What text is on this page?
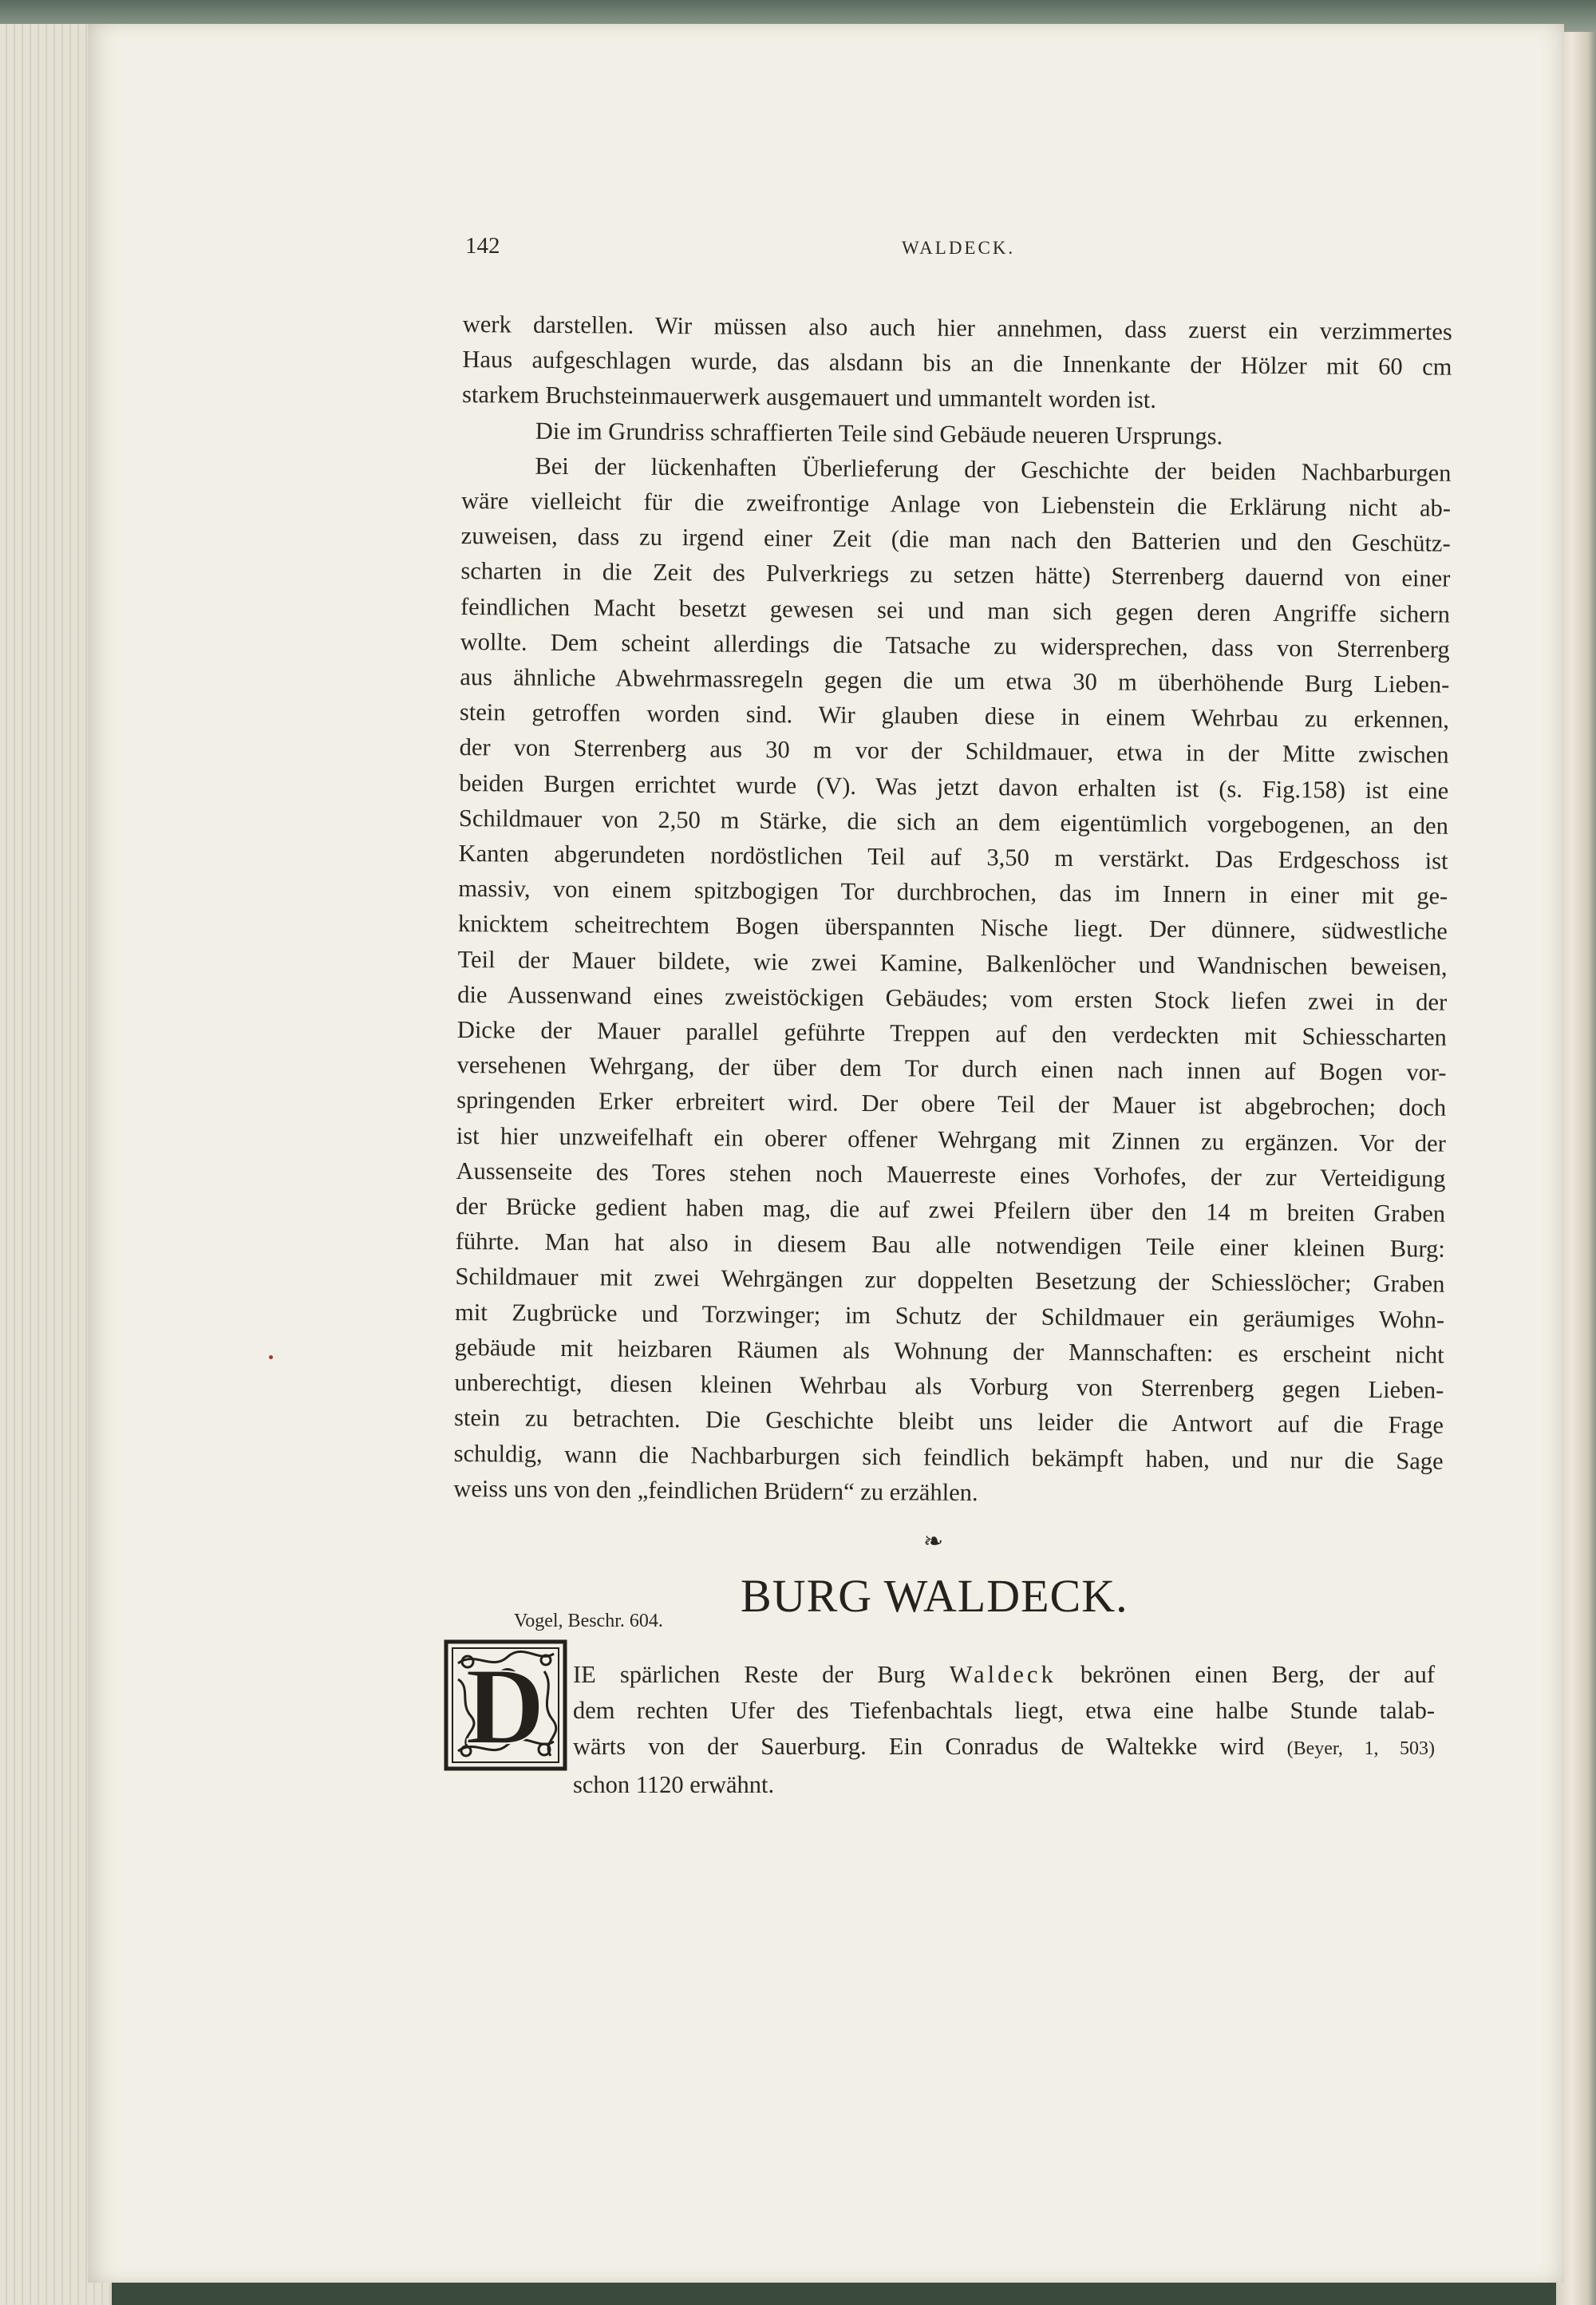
142	WALDECK.
werk darstellen. Wir müssen also auch hier annehmen, dass zuerst ein verzimmertes
Haus aufgeschlagen wurde, das alsdann bis an die Innenkante der Hölzer mit 60 cm
starkem Bruchsteinmauerwerk ausgemauert und ummantelt worden ist.
Die im Grundriss schraffierten Teile sind Gebäude neueren Ursprungs.
Bei der lückenhaften Überlieferung der Geschichte der beiden Nachbarburgen
wäre vielleicht für die zweifrontige Anlage von Liebenstein die Erklärung nicht ab-
zuweisen, dass zu irgend einer Zeit (die man nach den Batterien und den Geschütz-
scharten in die Zeit des Pulverkriegs zu setzen hätte) Sterrenberg dauernd von einer
feindlichen Macht besetzt gewesen sei und man sich gegen deren Angriffe sichern
wollte. Dem scheint allerdings die Tatsache zu widersprechen, dass von Sterrenberg
aus ähnliche Abwehrmassregeln gegen die um etwa 30 m überhöhende Burg Lieben-
stein getroffen worden sind. Wir glauben diese in einem Wehrbau zu erkennen,
der von Sterrenberg aus 30 m vor der Schildmauer, etwa in der Mitte zwischen
beiden Burgen errichtet wurde (V). Was jetzt davon erhalten ist (s. Fig.158) ist eine
Schildmauer von 2,50 m Stärke, die sich an dem eigentümlich vorgebogenen, an den
Kanten abgerundeten nordöstlichen Teil auf 3,50 m verstärkt. Das Erdgeschoss ist
massiv, von einem spitzbogigen Tor durchbrochen, das im Innern in einer mit ge-
knicktem scheitrechtem Bogen überspannten Nische liegt. Der dünnere, südwestliche
Teil der Mauer bildete, wie zwei Kamine, Balkenlöcher und Wandnischen beweisen,
die Aussenwand eines zweistöckigen Gebäudes; vom ersten Stock liefen zwei in der
Dicke der Mauer parallel geführte Treppen auf den verdeckten mit Schiesscharten
versehenen Wehrgang, der über dem Tor durch einen nach innen auf Bogen vor-
springenden Erker erbreitert wird. Der obere Teil der Mauer ist abgebrochen; doch
ist hier unzweifelhaft ein oberer offener Wehrgang mit Zinnen zu ergänzen. Vor der
Aussenseite des Tores stehen noch Mauerreste eines Vorhofes, der zur Verteidigung
der Brücke gedient haben mag, die auf zwei Pfeilern über den 14 m breiten Graben
führte. Man hat also in diesem Bau alle notwendigen Teile einer kleinen Burg:
Schildmauer mit zwei Wehrgängen zur doppelten Besetzung der Schiesslöcher; Graben
mit Zugbrücke und Torzwinger; im Schutz der Schildmauer ein geräumiges Wohn-
gebäude mit heizbaren Räumen als Wohnung der Mannschaften: es erscheint nicht
unberechtigt, diesen kleinen Wehrbau als Vorburg von Sterrenberg gegen Lieben-
stein zu betrachten. Die Geschichte bleibt uns leider die Antwort auf die Frage
schuldig, wann die Nachbarburgen sich feindlich bekämpft haben, und nur die Sage
weiss uns von den „feindlichen Brüdern“ zu erzählen.
❧
BURG WALDECK.
Vogel, Beschr. 604.
D IE spärlichen Reste der Burg Waldeck bekrönen einen Berg, der auf
dem rechten Ufer des Tiefenbachtals liegt, etwa eine halbe Stunde talab-
wärts von der Sauerburg. Ein Conradus de Waltekke wird (Beyer, 1, 503)
schon 1120 erwähnt.
